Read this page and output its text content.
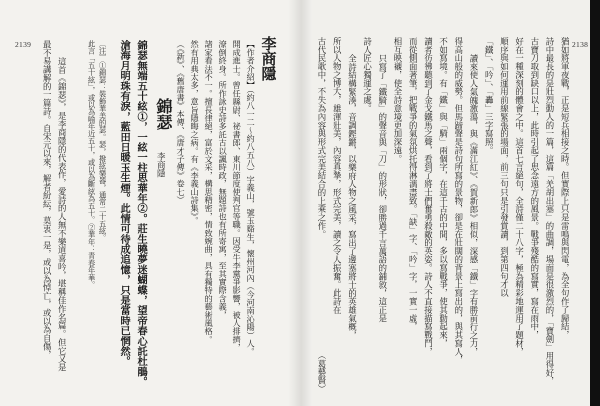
2138
猶如將軍夜戰，正是短兵相接之時。但實際上只是雷鳴與閃電，為全句作了歸結，
詩中最長的是壯烈動人的一篇，這篇「羌胡出塞」的曲調，場面是很激烈的，「寶劍」用得好，
古寶刀取到缺口以上，此時引起了思念遠方的風景。戰爭殘酷的寫實，寫在雨中，
好在一種深刻的體會之中。這首七言絕句，全詩僅二十八字，極為精彩地運用了題材，
順序與如何運用前線緊張的場面，前三句只是引發賞讀，到第四句才以
「鐵」、「吟」、「轟」三字寫照。
讀來使人氣魄激蕩，與《滿江紅》、《賀新郎》相似，深感「鐵」字有勝前行之力，
得高山般的威勢。但馬蹄聲是詩句所寫的景物，卻是在壯闊的背景上寫出的，與其寫人，
不如寫境。有「鐵」與「騎」兩個字，在這千古的中間，多以寫戰爭，使其動起來，
讀者彷彿聽到了金戈鐵馬之聲，看到了將士們奮勇殺敵的英姿。詩人不直接描寫戰鬥，
而從側面著筆，把戰爭的氣氛烘托得淋漓盡致。「缺」字、「吟」字，一實一虛，
相互映襯，使全詩意境更加深遠。
只寫了「鐵騎」的聲音與「刀」的形狀，卻勝過千言萬語的鋪敘，這正是
詩人匠心獨運之處。
全詩結構緊湊，音調鏗鏘，以樂府人物之風采，寫出了邊塞將士的英雄氣概，
所以人物之博大，雄渾壯美，內容真摯，形式完美，讀之令人振奮。此詩在
古代民歌中，不失為內容與形式完美結合的上乘之作。
（葛藝賢）
2139	李商隱
【作者介紹】（約八一二～約八五八）字義山，號玉谿生，懷州河內（今河南沁陽）人。
開成進士。曾任縣尉、祕書郎、東川節度使判官等職。因受牛李黨爭影響，被人排擠，
潦倒終身。所作詠史詩多託古以諷時政，無題詩也有所寄寓，至其實際含義，
諸家看法不一。擅長律絕，富於文采，構思精密，情致婉曲，具有獨特的藝術風格。
然有用典太多，意旨隱晦之病。有《李義山詩集》。
（《新》、《舊唐書》本傳、《唐才子傳》卷七）
錦瑟
李商隱
錦瑟無端五十絃①，一絃一柱思華年②。莊生曉夢迷蝴蝶，望帝春心託杜鵑。
滄海月明珠有淚，藍田日暖玉生煙。此情可待成追憶，只是當時已惘然。
〔注〕①錦瑟：裝飾華美的瑟。瑟，撥絃樂器，通常二十五絃。
此言「五十絃」，或以為喻年近五十，或以為斷絃為五十。②華年：青春年華。
這首《錦瑟》，是李商隱的代表作，愛詩的人無不樂道喜吟，堪稱佳作名篇。但它又是
最不易講解的一篇詩。自宋元以來，解者紛紜，莫衷一是，或以為悼亡，或以為自傷，
